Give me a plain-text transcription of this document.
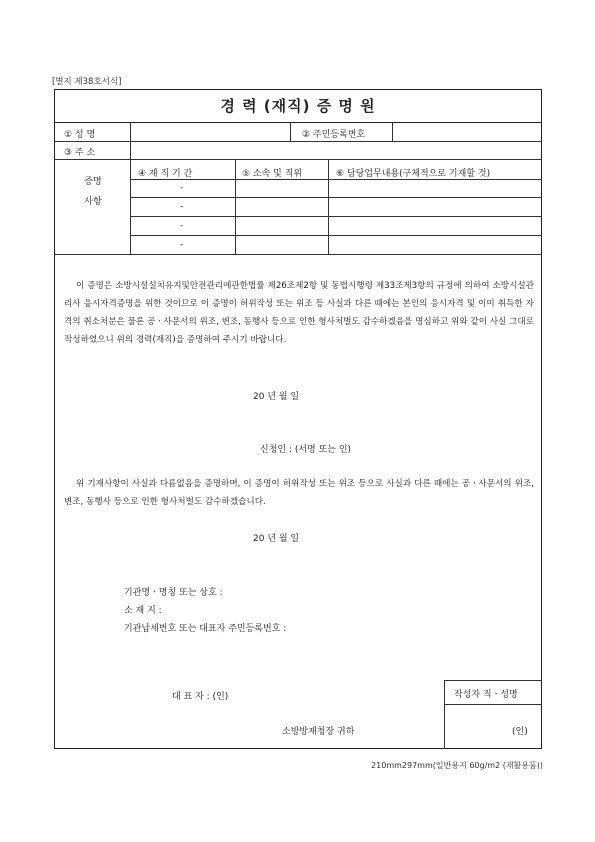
[별지 제38호서식]
경 력 (재직) 증 명 원
① 성 명	② 주민등록번호
③ 주 소
증명사항
④ 재 직 기 간	⑤ 소속 및 직위	⑥ 담당업무내용(구체적으로 기재할 것)
-
-
-
-
이 증명은 소방시설설치유지및안전관리에관한법률 제26조제2항 및 동법시행령 제33조제3항의 규정에 의하여 소방시설관리사 응시자격증명을 위한 것이므로 이 증명이 허위작성 또는 위조 등 사실과 다른 때에는 본인의 응시자격 및 이미 취득한 자격의 취소처분은 물론 공ㆍ사문서의 위조, 변조, 동행사 등으로 인한 형사처벌도 감수하겠음을 명심하고 위와 같이 사실 그대로 작성하였으니 위의 경력(재직)을 증명하여 주시기 바랍니다.
20 년 월 일
신청인 : (서명 또는 인)
위 기재사항이 사실과 다름없음을 증명하며, 이 증명이 허위작성 또는 위조 등으로 사실과 다른 때에는 공ㆍ사문서의 위조, 변조, 동행사 등으로 인한 형사처벌도 감수하겠습니다.
20 년 월 일
기관명ㆍ명칭 또는 상호 :
소 재 지 :
기관납세번호 또는 대표자 주민등록번호 :
대 표 자 : (인)
소방방재청장 귀하
작성자 직ㆍ성명
(인)
210mm297mm(일반용지 60g/m2 (재활용품))
